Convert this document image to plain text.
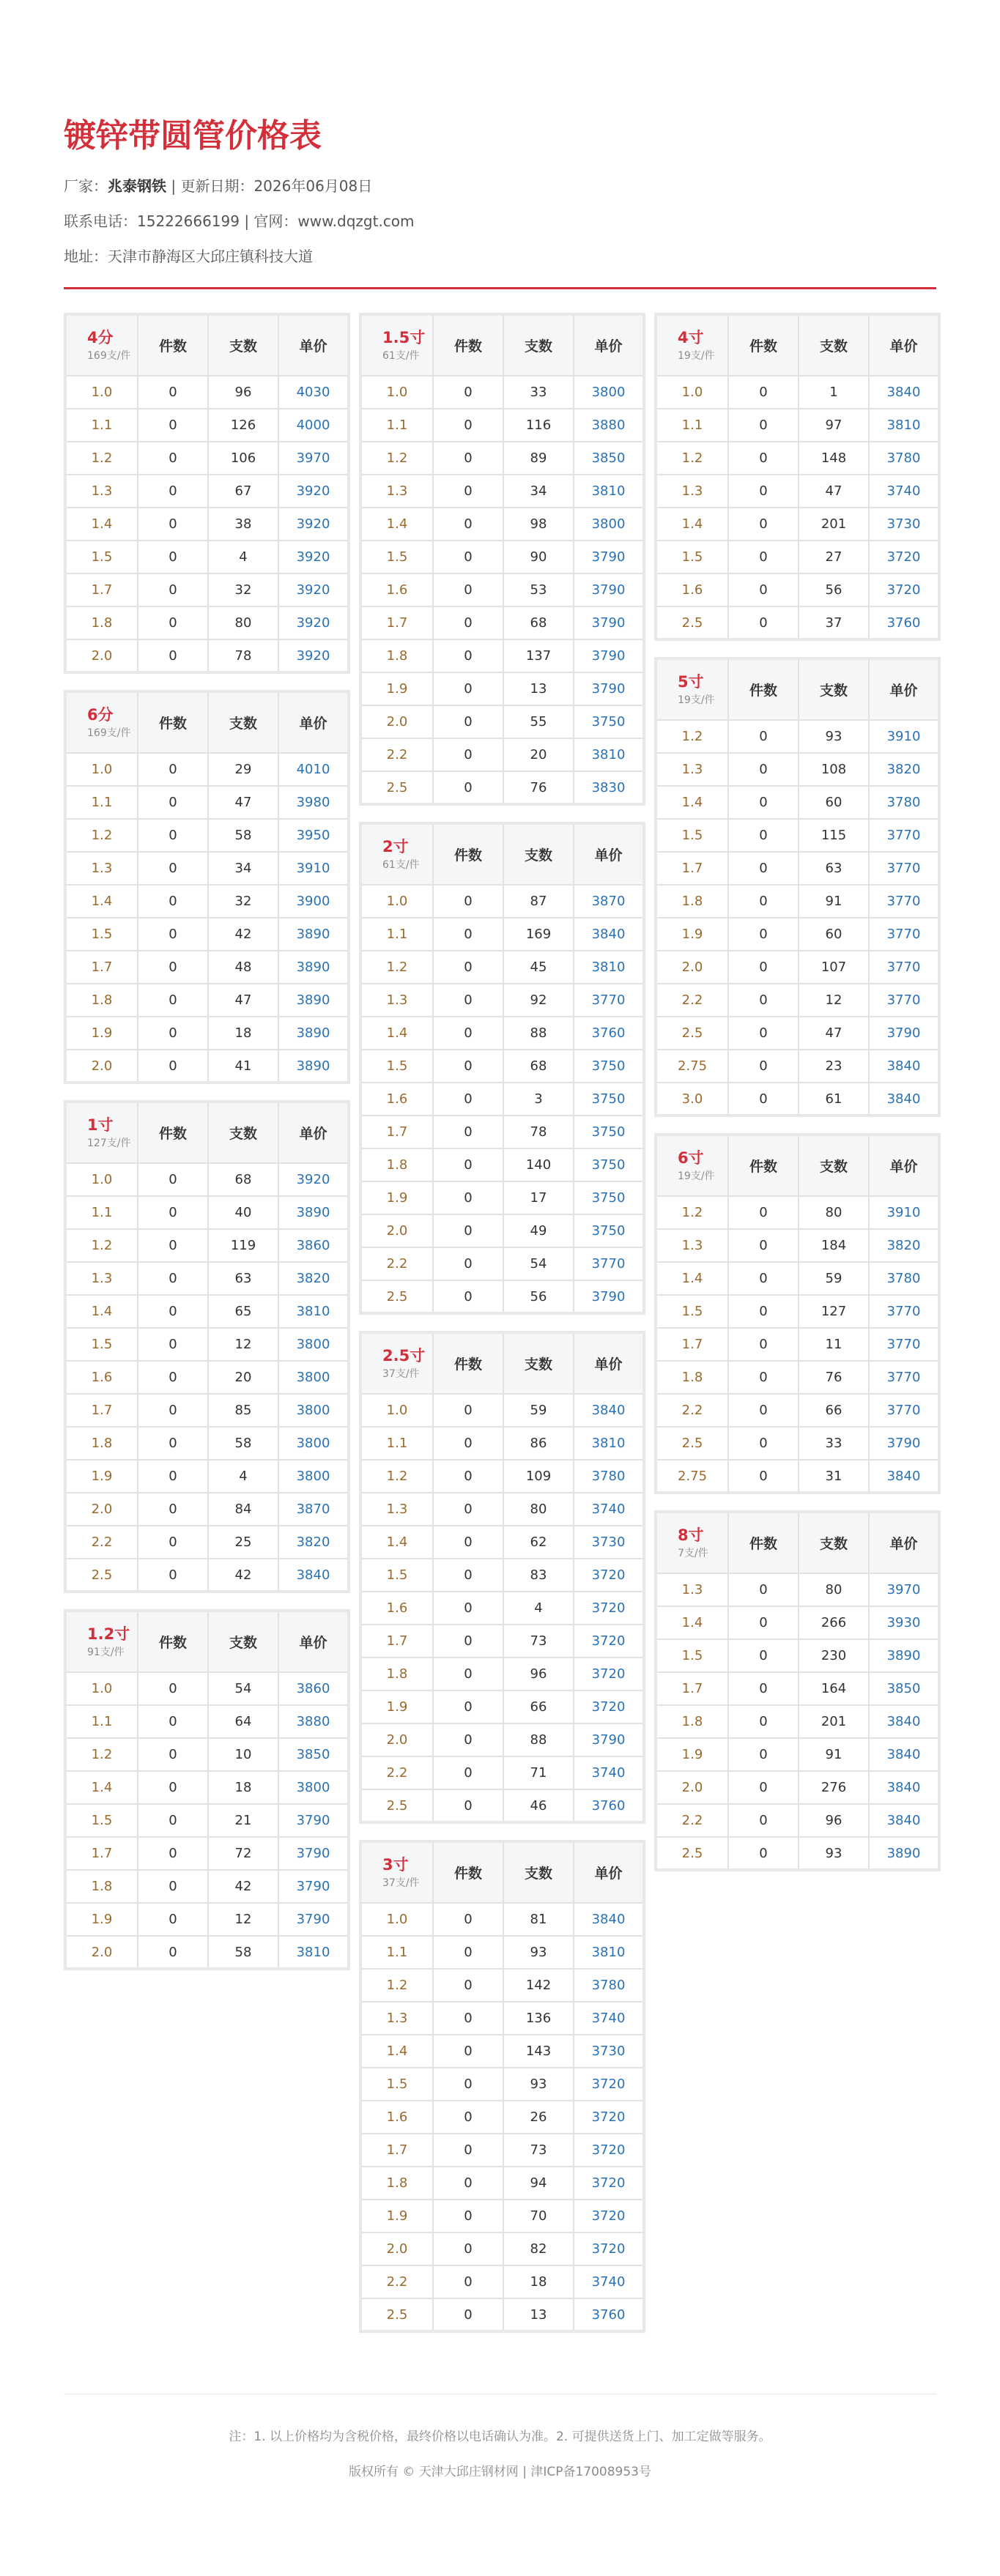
镀锌带圆管价格表
厂家：兆泰钢铁 | 更新日期：2026年06月08日
联系电话：15222666199 | 官网：www.dqzgt.com
地址：天津市静海区大邱庄镇科技大道
4分
169支/件	件数	支数	单价
1.0	0	96	4030
1.1	0	126	4000
1.2	0	106	3970
1.3	0	67	3920
1.4	0	38	3920
1.5	0	4	3920
1.7	0	32	3920
1.8	0	80	3920
2.0	0	78	3920
6分
169支/件	件数	支数	单价
1.0	0	29	4010
1.1	0	47	3980
1.2	0	58	3950
1.3	0	34	3910
1.4	0	32	3900
1.5	0	42	3890
1.7	0	48	3890
1.8	0	47	3890
1.9	0	18	3890
2.0	0	41	3890
1寸
127支/件	件数	支数	单价
1.0	0	68	3920
1.1	0	40	3890
1.2	0	119	3860
1.3	0	63	3820
1.4	0	65	3810
1.5	0	12	3800
1.6	0	20	3800
1.7	0	85	3800
1.8	0	58	3800
1.9	0	4	3800
2.0	0	84	3870
2.2	0	25	3820
2.5	0	42	3840
1.2寸
91支/件	件数	支数	单价
1.0	0	54	3860
1.1	0	64	3880
1.2	0	10	3850
1.4	0	18	3800
1.5	0	21	3790
1.7	0	72	3790
1.8	0	42	3790
1.9	0	12	3790
2.0	0	58	3810
1.5寸
61支/件	件数	支数	单价
1.0	0	33	3800
1.1	0	116	3880
1.2	0	89	3850
1.3	0	34	3810
1.4	0	98	3800
1.5	0	90	3790
1.6	0	53	3790
1.7	0	68	3790
1.8	0	137	3790
1.9	0	13	3790
2.0	0	55	3750
2.2	0	20	3810
2.5	0	76	3830
2寸
61支/件	件数	支数	单价
1.0	0	87	3870
1.1	0	169	3840
1.2	0	45	3810
1.3	0	92	3770
1.4	0	88	3760
1.5	0	68	3750
1.6	0	3	3750
1.7	0	78	3750
1.8	0	140	3750
1.9	0	17	3750
2.0	0	49	3750
2.2	0	54	3770
2.5	0	56	3790
2.5寸
37支/件	件数	支数	单价
1.0	0	59	3840
1.1	0	86	3810
1.2	0	109	3780
1.3	0	80	3740
1.4	0	62	3730
1.5	0	83	3720
1.6	0	4	3720
1.7	0	73	3720
1.8	0	96	3720
1.9	0	66	3720
2.0	0	88	3790
2.2	0	71	3740
2.5	0	46	3760
3寸
37支/件	件数	支数	单价
1.0	0	81	3840
1.1	0	93	3810
1.2	0	142	3780
1.3	0	136	3740
1.4	0	143	3730
1.5	0	93	3720
1.6	0	26	3720
1.7	0	73	3720
1.8	0	94	3720
1.9	0	70	3720
2.0	0	82	3720
2.2	0	18	3740
2.5	0	13	3760
4寸
19支/件	件数	支数	单价
1.0	0	1	3840
1.1	0	97	3810
1.2	0	148	3780
1.3	0	47	3740
1.4	0	201	3730
1.5	0	27	3720
1.6	0	56	3720
2.5	0	37	3760
5寸
19支/件	件数	支数	单价
1.2	0	93	3910
1.3	0	108	3820
1.4	0	60	3780
1.5	0	115	3770
1.7	0	63	3770
1.8	0	91	3770
1.9	0	60	3770
2.0	0	107	3770
2.2	0	12	3770
2.5	0	47	3790
2.75	0	23	3840
3.0	0	61	3840
6寸
19支/件	件数	支数	单价
1.2	0	80	3910
1.3	0	184	3820
1.4	0	59	3780
1.5	0	127	3770
1.7	0	11	3770
1.8	0	76	3770
2.2	0	66	3770
2.5	0	33	3790
2.75	0	31	3840
8寸
7支/件	件数	支数	单价
1.3	0	80	3970
1.4	0	266	3930
1.5	0	230	3890
1.7	0	164	3850
1.8	0	201	3840
1.9	0	91	3840
2.0	0	276	3840
2.2	0	96	3840
2.5	0	93	3890
注：1. 以上价格均为含税价格，最终价格以电话确认为准。2. 可提供送货上门、加工定做等服务。
版权所有 © 天津大邱庄钢材网 | 津ICP备17008953号
